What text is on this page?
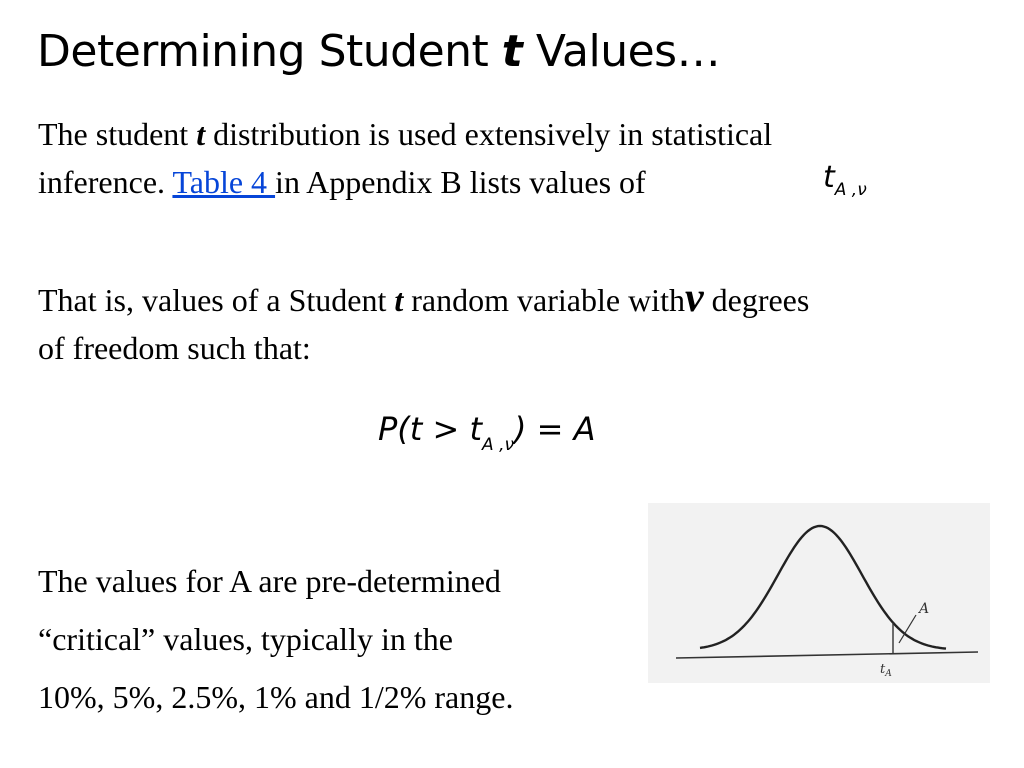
Determining Student t Values…
The student t distribution is used extensively in statistical
inference. Table 4 in Appendix B lists values of	$t_{A ,\nu}$
That is, values of a Student t random variable withν degrees
of freedom such that:
$P(t > t_{A ,\nu}) = A$
The values for A are pre-determined
“critical” values, typically in the
10%, 5%, 2.5%, 1% and 1/2% range.
A
$t_A$
